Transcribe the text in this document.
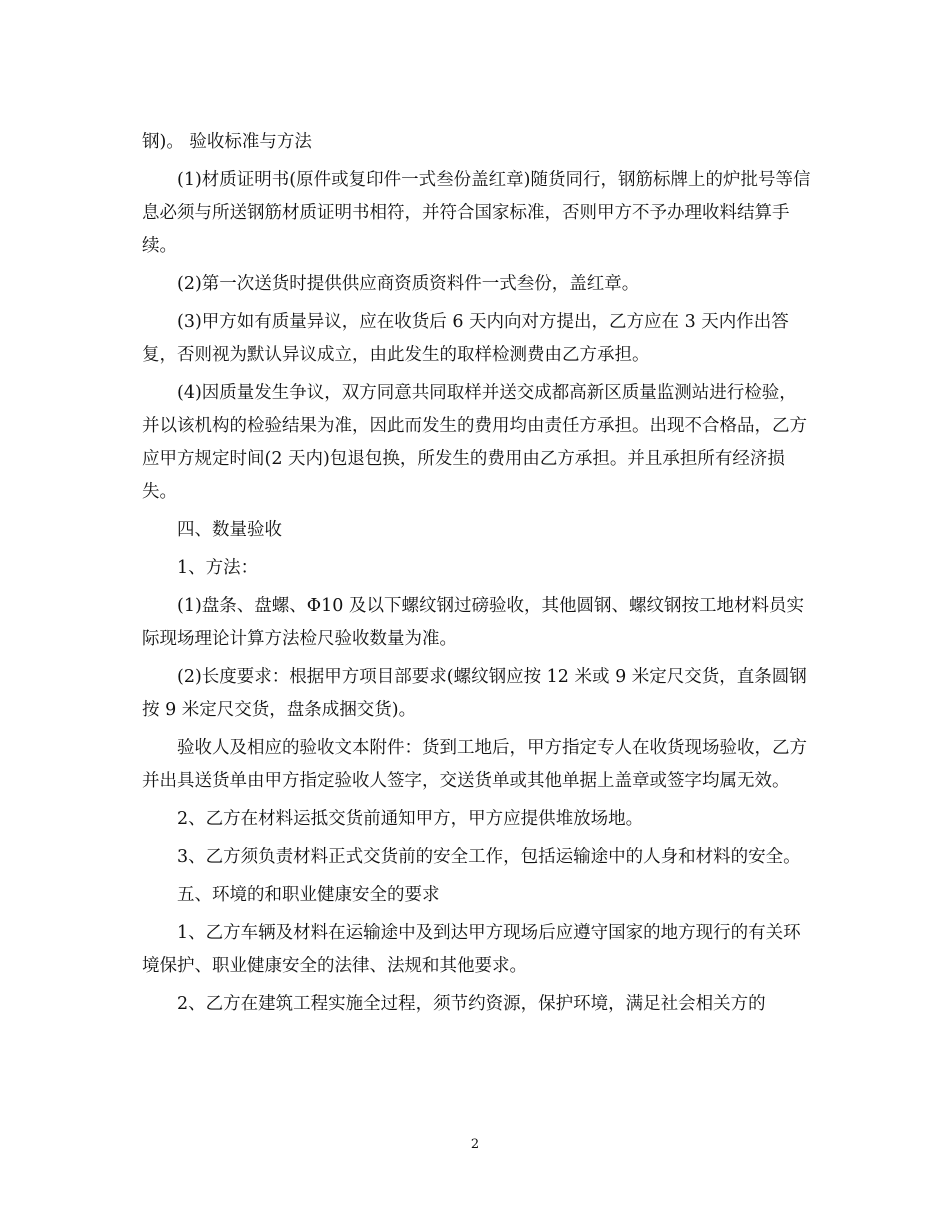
钢)。 验收标准与方法

(1)材质证明书(原件或复印件一式叁份盖红章)随货同行，钢筋标牌上的炉批号等信息必须与所送钢筋材质证明书相符，并符合国家标准，否则甲方不予办理收料结算手续。

(2)第一次送货时提供供应商资质资料件一式叁份，盖红章。

(3)甲方如有质量异议，应在收货后 6 天内向对方提出，乙方应在 3 天内作出答复，否则视为默认异议成立，由此发生的取样检测费由乙方承担。

(4)因质量发生争议，双方同意共同取样并送交成都高新区质量监测站进行检验，并以该机构的检验结果为准，因此而发生的费用均由责任方承担。出现不合格品，乙方应甲方规定时间(2 天内)包退包换，所发生的费用由乙方承担。并且承担所有经济损失。

四、数量验收

1、方法：

(1)盘条、盘螺、Φ10 及以下螺纹钢过磅验收，其他圆钢、螺纹钢按工地材料员实际现场理论计算方法检尺验收数量为准。

(2)长度要求：根据甲方项目部要求(螺纹钢应按 12 米或 9 米定尺交货，直条圆钢按 9 米定尺交货，盘条成捆交货)。

验收人及相应的验收文本附件：货到工地后，甲方指定专人在收货现场验收，乙方并出具送货单由甲方指定验收人签字，交送货单或其他单据上盖章或签字均属无效。

2、乙方在材料运抵交货前通知甲方，甲方应提供堆放场地。

3、乙方须负责材料正式交货前的安全工作，包括运输途中的人身和材料的安全。

五、环境的和职业健康安全的要求

1、乙方车辆及材料在运输途中及到达甲方现场后应遵守国家的地方现行的有关环境保护、职业健康安全的法律、法规和其他要求。

2、乙方在建筑工程实施全过程，须节约资源，保护环境，满足社会相关方的

2
